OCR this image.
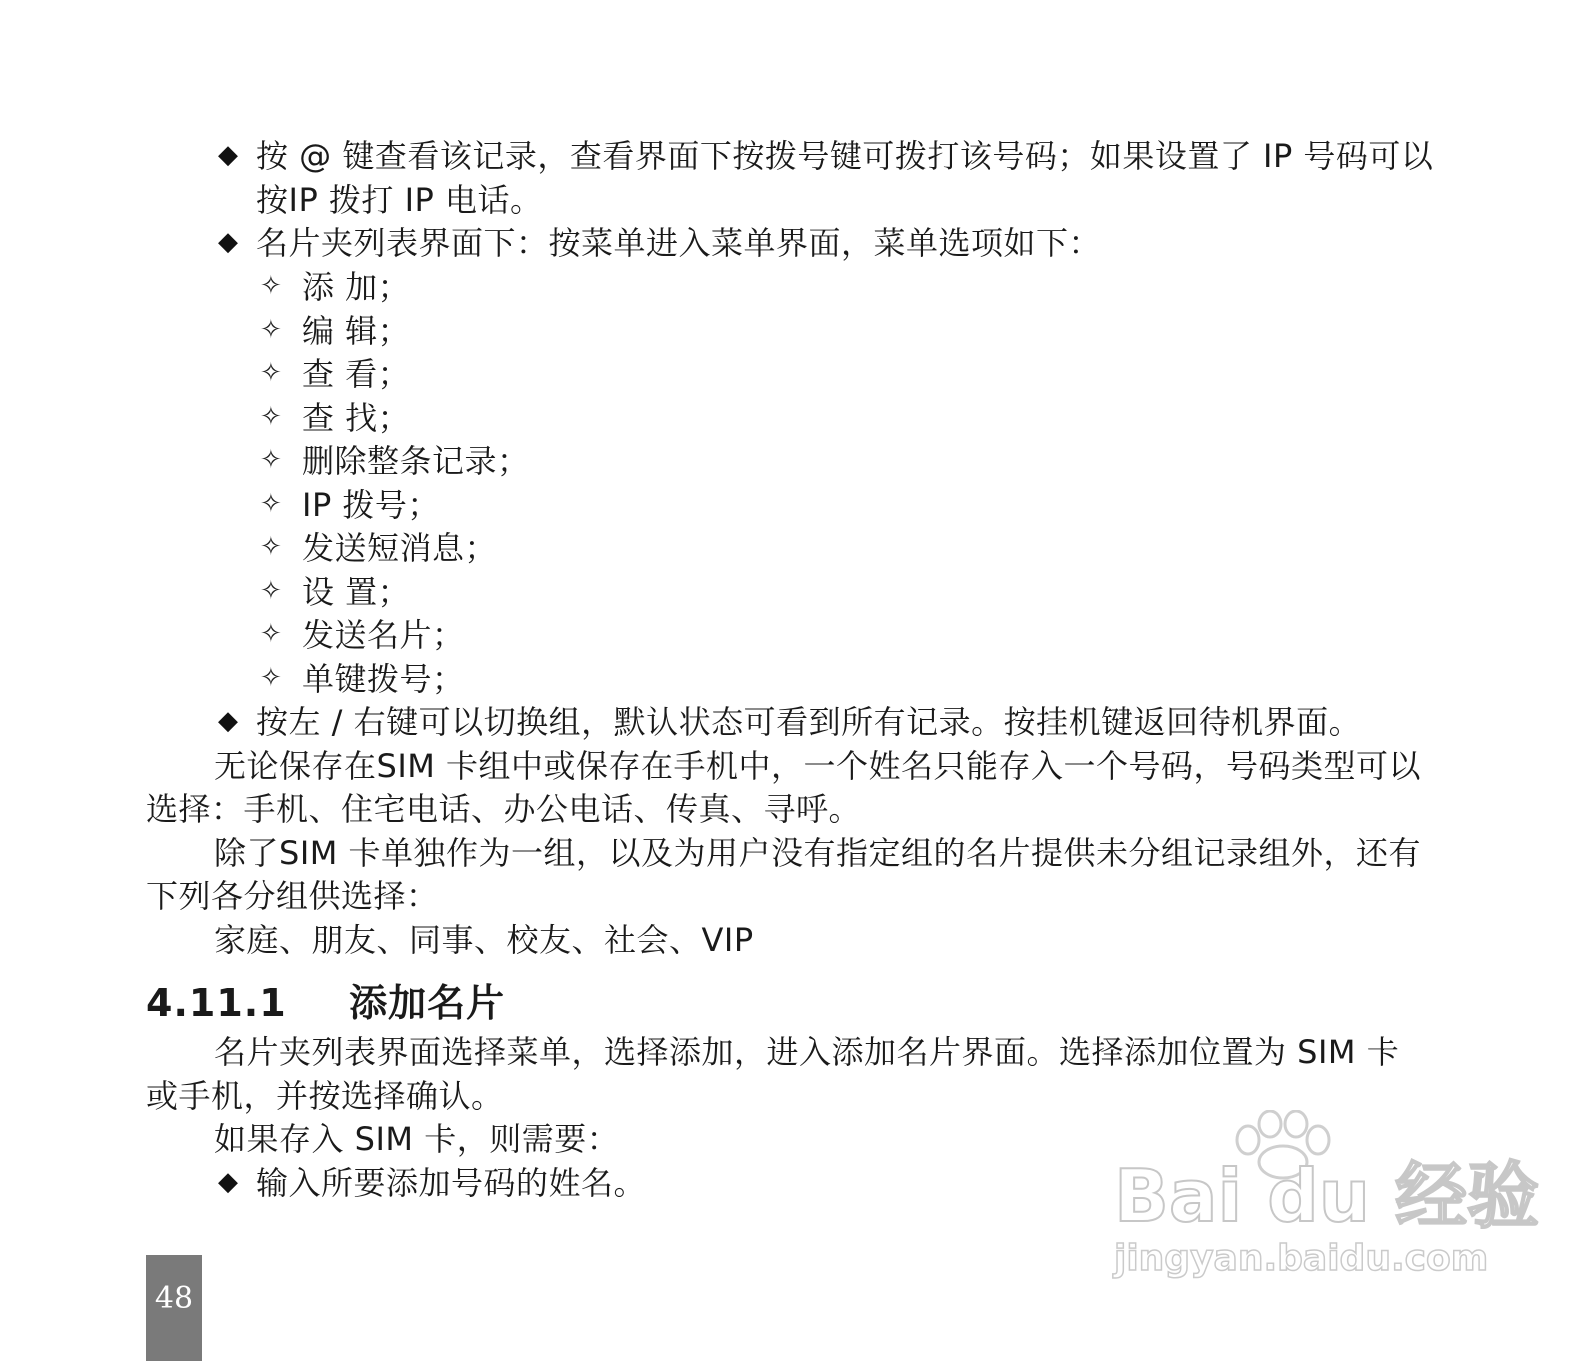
◆ 按 @ 键查看该记录，查看界面下按拨号键可拨打该号码；如果设置了 IP 号码可以
按IP 拨打 IP 电话。
◆ 名片夹列表界面下：按菜单进入菜单界面，菜单选项如下：
✧ 添 加；
✧ 编 辑；
✧ 查 看；
✧ 查 找；
✧ 删除整条记录；
✧ IP 拨号；
✧ 发送短消息；
✧ 设 置；
✧ 发送名片；
✧ 单键拨号；
◆ 按左 / 右键可以切换组，默认状态可看到所有记录。按挂机键返回待机界面。
无论保存在SIM 卡组中或保存在手机中，一个姓名只能存入一个号码，号码类型可以
选择：手机、住宅电话、办公电话、传真、寻呼。
除了SIM 卡单独作为一组，以及为用户没有指定组的名片提供未分组记录组外，还有
下列各分组供选择：
家庭、朋友、同事、校友、社会、VIP
4.11.1 添加名片
名片夹列表界面选择菜单，选择添加，进入添加名片界面。选择添加位置为 SIM 卡
或手机，并按选择确认。
如果存入 SIM 卡，则需要：
◆ 输入所要添加号码的姓名。	Bai du 经验
jingyan.baidu.com
48
